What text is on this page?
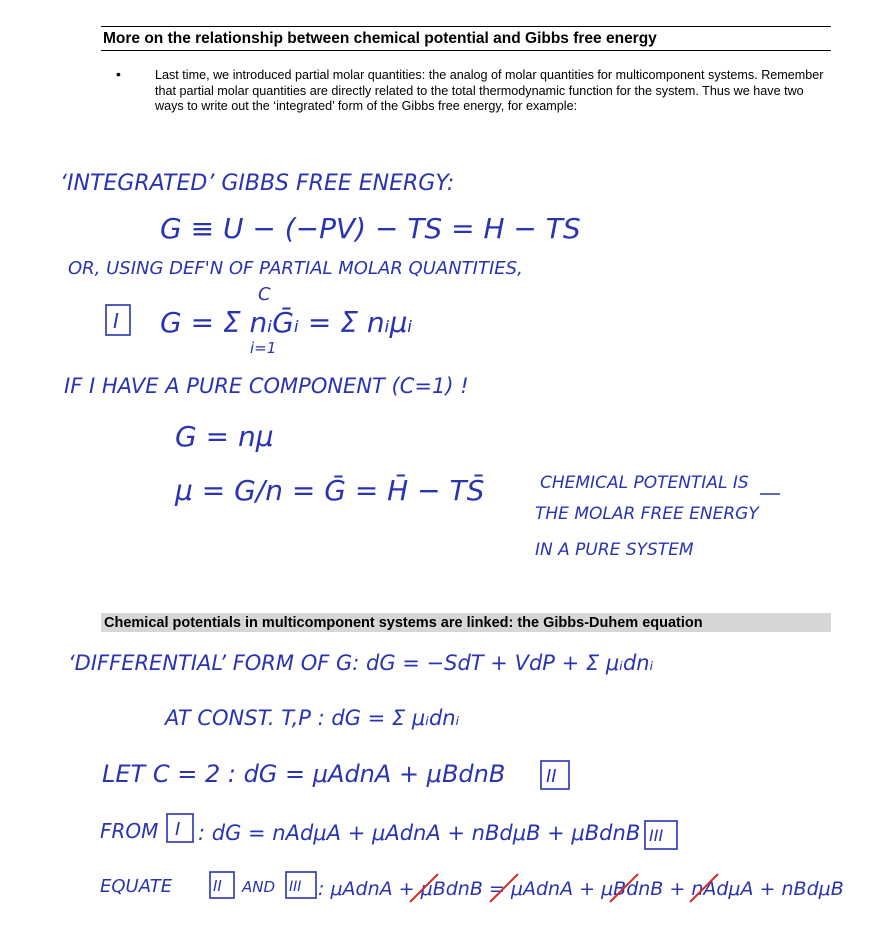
More on the relationship between chemical potential and Gibbs free energy
•	Last time, we introduced partial molar quantities: the analog of molar quantities for multicomponent systems. Remember that partial molar quantities are directly related to the total thermodynamic function for the system. Thus we have two ways to write out the ‘integrated’ form of the Gibbs free energy, for example:
Chemical potentials in multicomponent systems are linked: the Gibbs-Duhem equation
‘INTEGRATED’ GIBBS FREE ENERGY:
G ≡ U − (−PV) − TS = H − TS
OR, USING DEF'N OF PARTIAL MOLAR QUANTITIES,
I G = Σ nᵢḠᵢ = Σ nᵢμᵢ
C
i=1
IF I HAVE A PURE COMPONENT (C=1) !
G = nμ
μ = G/n = Ḡ = H̄ − TS̄	CHEMICAL POTENTIAL IS
THE MOLAR FREE ENERGY
IN A PURE SYSTEM
‘DIFFERENTIAL’ FORM OF G: dG = −SdT + VdP + Σ μᵢdnᵢ
AT CONST. T,P : dG = Σ μᵢdnᵢ
LET C = 2 : dG = μAdnA + μBdnB II
FROM I : dG = nAdμA + μAdnA + nBdμB + μBdnB III
EQUATE	II AND III : μAdnA + μBdnB = μAdnA + μBdnB + nAdμA + nBdμB
